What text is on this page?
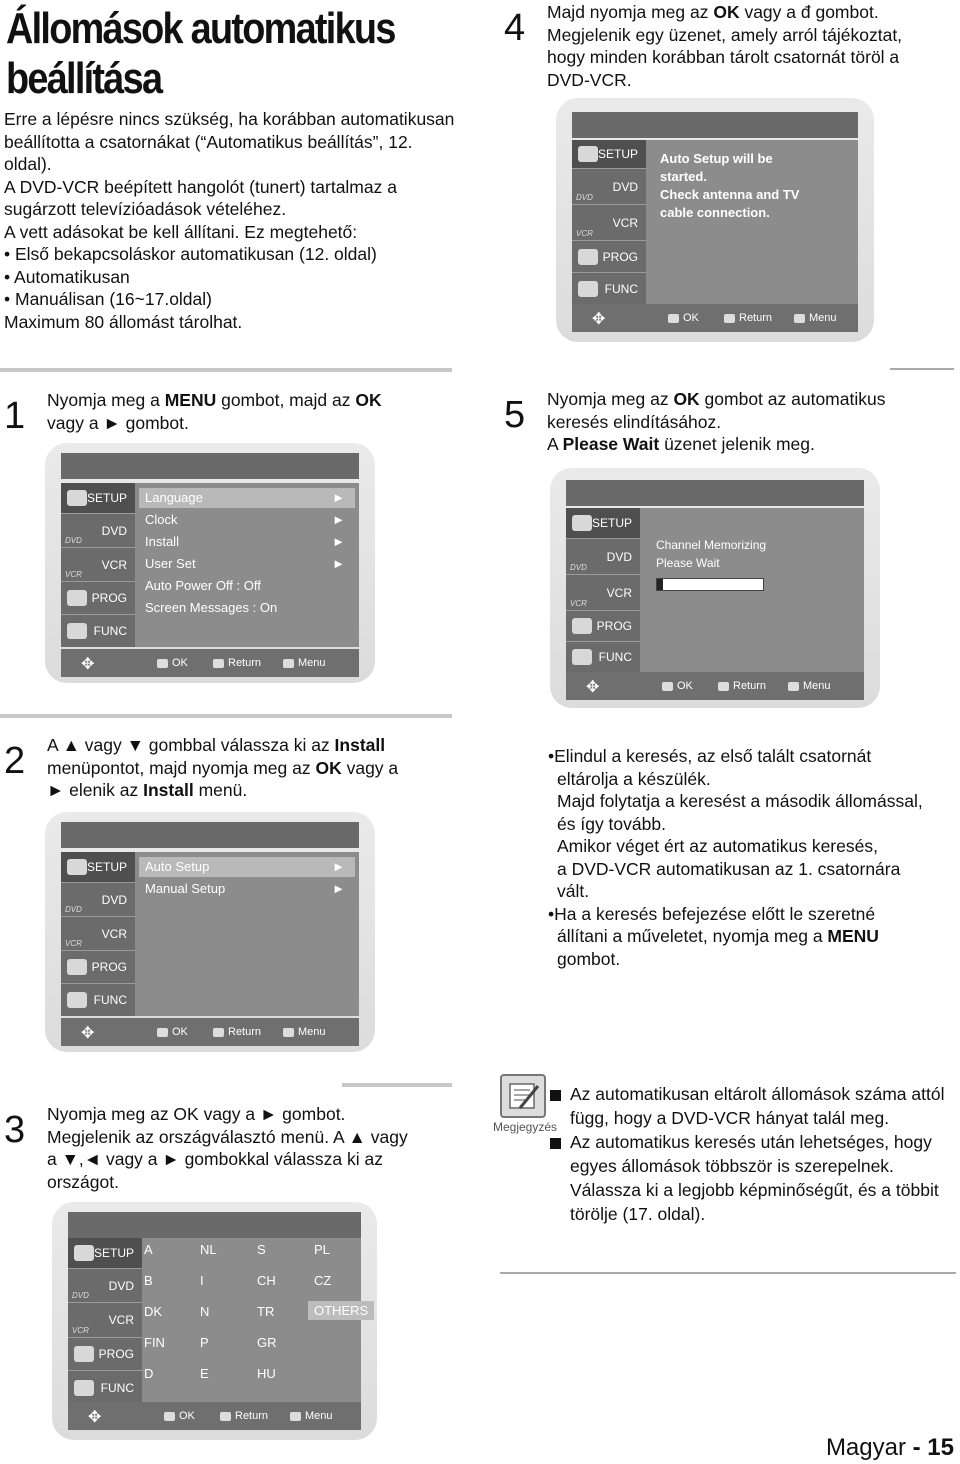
Állomások automatikus beállítása

Erre a lépésre nincs szükség, ha korábban automatikusan beállította a csatornákat (“Automatikus beállítás”, 12. oldal).

A DVD-VCR beépített hangolót (tunert) tartalmaz a sugárzott televízióadások vételéhez.

A vett adásokat be kell állítani. Ez megtehető:

• Első bekapcsoláskor automatikusan (12. oldal)

• Automatikusan

• Manuálisan (16~17.oldal)

Maximum 80 állomást tárolhat.

1 Nyomja meg a MENU gombot, majd az OK

vagy a ► gombot.

SETUP
DVD
DVD
VCR
VCR
PROG
FUNC
Language	►
Clock	►
Install	►
User Set	►
Auto Power Off : Off
Screen Messages : On
✥	OK	Return	Menu
2 A ▲ vagy ▼ gombbal válassza ki az Install

menüpontot, majd nyomja meg az OK vagy a

► elenik az Install menü.

SETUP
DVD
DVD
VCR
VCR
PROG
FUNC
Auto Setup	►
Manual Setup	►
✥	OK	Return	Menu
3 Nyomja meg az OK vagy a ► gombot.

Megjelenik az országválasztó menü. A ▲ vagy

a ▼,◄ vagy a ► gombokkal válassza ki az

országot.

SETUP
DVD
DVD
VCR
VCR
PROG
FUNC
A	NL	S	PL
B	I	CH	CZ
DK	N	TR	OTHERS
FIN	P	GR
D	E	HU
✥	OK	Return	Menu
4 Majd nyomja meg az OK vagy a đ gombot.

Megjelenik egy üzenet, amely arról tájékoztat,

hogy minden korábban tárolt csatornát töröl a

DVD-VCR.

SETUP
DVD
DVD
VCR
VCR
PROG
FUNC
Auto Setup will be
started.
Check antenna and TV
cable connection.
✥	OK	Return	Menu
5 Nyomja meg az OK gombot az automatikus

keresés elindításához.

A Please Wait üzenet jelenik meg.

SETUP
DVD
DVD
VCR
VCR
PROG
FUNC
Channel Memorizing
Please Wait
✥	OK	Return	Menu
•Elindul a keresés, az első talált csatornát
eltárolja a készülék.
Majd folytatja a keresést a második állomással,
és így tovább.
Amikor véget ért az automatikus keresés,
a DVD-VCR automatikusan az 1. csatornára
vált.
•Ha a keresés befejezése előtt le szeretné
állítani a műveletet, nyomja meg a MENU
gombot.
Megjegyzés
Az automatikusan eltárolt állomások száma attól függ, hogy a DVD-VCR hányat talál meg.
Az automatikus keresés után lehetséges, hogy egyes állomások többször is szerepelnek. Válassza ki a legjobb képminőségűt, és a többit törölje (17. oldal).
Magyar - 15
